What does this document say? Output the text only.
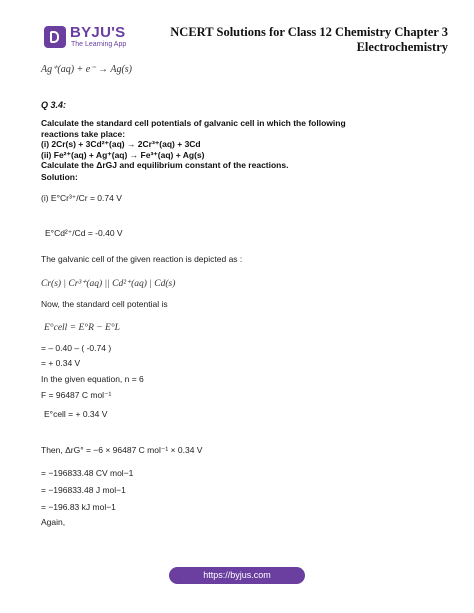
BYJU'S
The Learning App
NCERT Solutions for Class 12 Chemistry Chapter 3
Electrochemistry
Ag⁺(aq) + e⁻ → Ag(s)
Q 3.4:
Calculate the standard cell potentials of galvanic cell in which the following
reactions take place:
(i) 2Cr(s) + 3Cd²⁺(aq) → 2Cr³⁺(aq) + 3Cd
(ii) Fe²⁺(aq) + Ag⁺(aq) → Fe³⁺(aq) + Ag(s)
Calculate the ΔrGJ and equilibrium constant of the reactions.
Solution:
(i) E°Cr³⁺/Cr = 0.74 V
E°Cd²⁺/Cd = -0.40 V
The galvanic cell of the given reaction is depicted as :
Cr(s) | Cr³⁺(aq) || Cd²⁺(aq) | Cd(s)
Now, the standard cell potential is
E°cell = E°R − E°L
= – 0.40 – ( -0.74 )
= + 0.34 V
In the given equation, n = 6
F = 96487 C mol⁻¹
E°cell = + 0.34 V
Then, ΔrG° = −6 × 96487 C mol⁻¹ × 0.34 V
= −196833.48 CV mol−1
= −196833.48 J mol−1
= −196.83 kJ mol−1
Again,
https://byjus.com
